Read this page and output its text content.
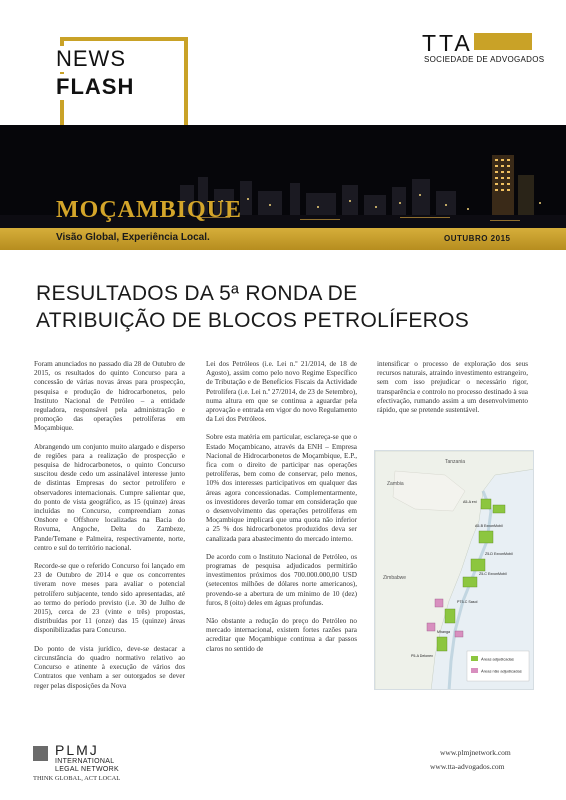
NEWS
FLASH
TTA
SOCIEDADE DE ADVOGADOS
MOÇAMBIQUE
Visão Global, Experiência Local.	OUTUBRO 2015
RESULTADOS DA 5ª RONDA DE
ATRIBUIÇÃO DE BLOCOS PETROLÍFEROS

Foram anunciados no passado dia 28 de Outubro de 2015, os resultados do quinto Concurso para a concessão de várias novas áreas para prospecção, pesquisa e produção de hidrocarbonetos, pelo Instituto Nacional de Petróleo – a entidade reguladora, responsável pela administração e promoção das operações petrolíferas em Moçambique.

Abrangendo um conjunto muito alargado e disperso de regiões para a realização de prospecção e pesquisa de hidrocarbonetos, o quinto Concurso suscitou desde cedo um assinalável interesse junto de distintas Empresas do sector petrolífero e observadores internacionais. Cumpre salientar que, do ponto de vista geográfico, as 15 (quinze) áreas incluídas no Concurso, compreendiam zonas Onshore e Offshore localizadas na Bacia do Rovuma, Angoche, Delta do Zambeze, Pande/Temane e Palmeira, respectivamente, norte, centro e sul do território nacional.

Recorde-se que o referido Concurso foi lançado em 23 de Outubro de 2014 e que os concorrentes tiveram nove meses para avaliar o potencial petrolífero subjacente, tendo sido apresentadas, até ao termo do período previsto (i.e. 30 de Julho de 2015), cerca de 23 (vinte e três) propostas, distribuídas por 11 (onze) das 15 (quinze) áreas disponibilizadas para Concurso.

Do ponto de vista jurídico, deve-se destacar a circunstância do quadro normativo relativo ao Concurso e atinente à execução de vários dos Contratos que venham a ser outorgados se dever reger pelas disposições da Nova

Lei dos Petróleos (i.e. Lei n.º 21/2014, de 18 de Agosto), assim como pelo novo Regime Específico de Tributação e de Benefícios Fiscais da Actividade Petrolífera (i.e. Lei n.º 27/2014, de 23 de Setembro), numa altura em que se continua a aguardar pela aprovação e entrada em vigor do novo Regulamento da Lei dos Petróleos.

Sobre esta matéria em particular, esclareça-se que o Estado Moçambicano, através da ENH – Empresa Nacional de Hidrocarbonetos de Moçambique, E.P., fica com o direito de participar nas operações petrolíferas, bem como de conservar, pelo menos, 10% dos interesses participativos em qualquer das áreas agora concessionadas. Complementarmente, os investidores deverão tomar em consideração que o desenvolvimento das operações petrolíferas em Moçambique implicará que uma quota não inferior a 25 % dos hidrocarbonetos produzidos deva ser canalizada para abastecimento do mercado interno.

De acordo com o Instituto Nacional de Petróleo, os programas de pesquisa adjudicados permitirão investimentos próximos dos 700.000.000,00 USD (setecentos milhões de dólares norte americanos), provendo-se a abertura de um mínimo de 10 (dez) furos, 8 (oito) deles em águas profundas.

Não obstante a redução do preço do Petróleo no mercado internacional, existem fortes razões para acreditar que Moçambique continua a dar passos claros no sentido de

intensificar o processo de exploração dos seus recursos naturais, atraindo investimento estrangeiro, sem com isso prejudicar o necessário rigor, transparência e controlo no processo destinado à sua efectivação, rumando assim a um desenvolvimento rápido, que se pretende sustentável.

Tanzania
Zambia
Zimbabwe
A5-A eni
A5-B ExxonMobil
Z5-D ExxonMobil
Z5-C ExxonMobil
PT5-C Sasol
Mhanga
P5-A Delonex
Áreas adjudicadas
Áreas não adjudicadas
PLMJ
INTERNATIONAL
LEGAL NETWORK
THINK GLOBAL, ACT LOCAL
www.plmjnetwork.com
www.tta-advogados.com
